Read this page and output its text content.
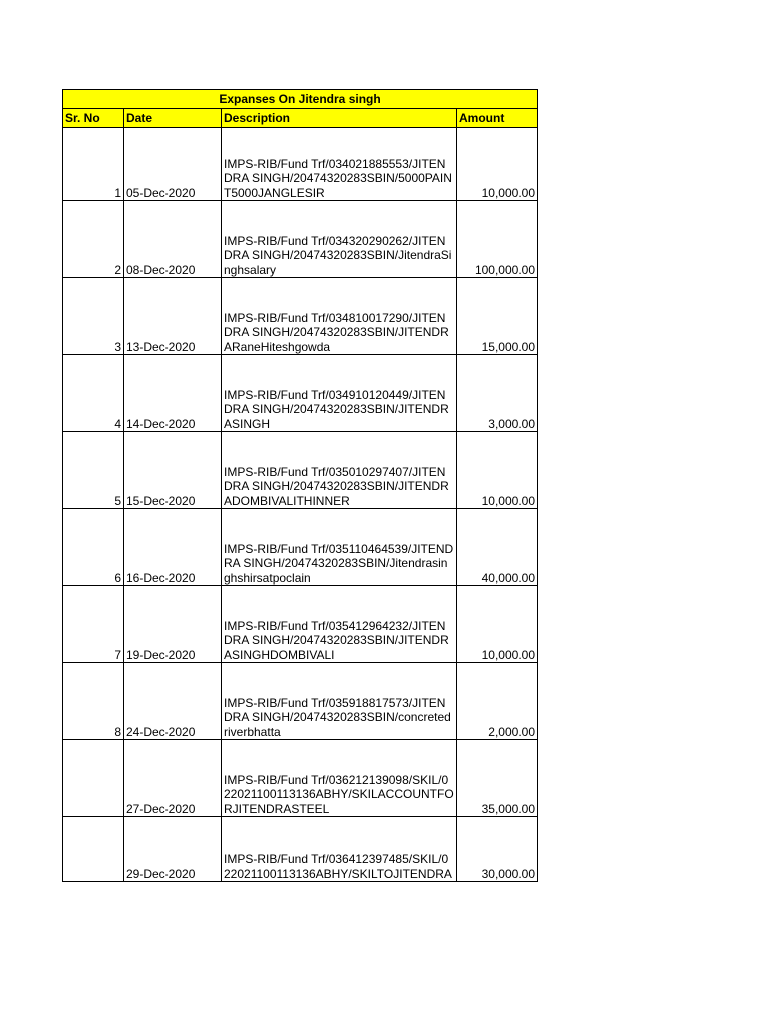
Expanses On Jitendra singh			
Sr. No	Date	Description	Amount
1	05-Dec-2020	IMPS-RIB/Fund Trf/034021885553/JITENDRA SINGH/20474320283SBIN/5000PAINT5000JANGLESIR	10,000.00
2	08-Dec-2020	IMPS-RIB/Fund Trf/034320290262/JITENDRA SINGH/20474320283SBIN/JitendraSinghsalary	100,000.00
3	13-Dec-2020	IMPS-RIB/Fund Trf/034810017290/JITENDRA SINGH/20474320283SBIN/JITENDRARaneHiteshgowda	15,000.00
4	14-Dec-2020	IMPS-RIB/Fund Trf/034910120449/JITENDRA SINGH/20474320283SBIN/JITENDRASINGH	3,000.00
5	15-Dec-2020	IMPS-RIB/Fund Trf/035010297407/JITENDRA SINGH/20474320283SBIN/JITENDRADOMBIVALITHINNER	10,000.00
6	16-Dec-2020	IMPS-RIB/Fund Trf/035110464539/JITENDRA SINGH/20474320283SBIN/Jitendrasinghshirsatpoclain	40,000.00
7	19-Dec-2020	IMPS-RIB/Fund Trf/035412964232/JITENDRA SINGH/20474320283SBIN/JITENDRASINGHDOMBIVALI	10,000.00
8	24-Dec-2020	IMPS-RIB/Fund Trf/035918817573/JITENDRA SINGH/20474320283SBIN/concretedriverbhatta	2,000.00
	27-Dec-2020	IMPS-RIB/Fund Trf/036212139098/SKIL/022021100113136ABHY/SKILACCOUNTFORJITENDRASTEEL	35,000.00
	29-Dec-2020	IMPS-RIB/Fund Trf/036412397485/SKIL/022021100113136ABHY/SKILTOJITENDRA	30,000.00
